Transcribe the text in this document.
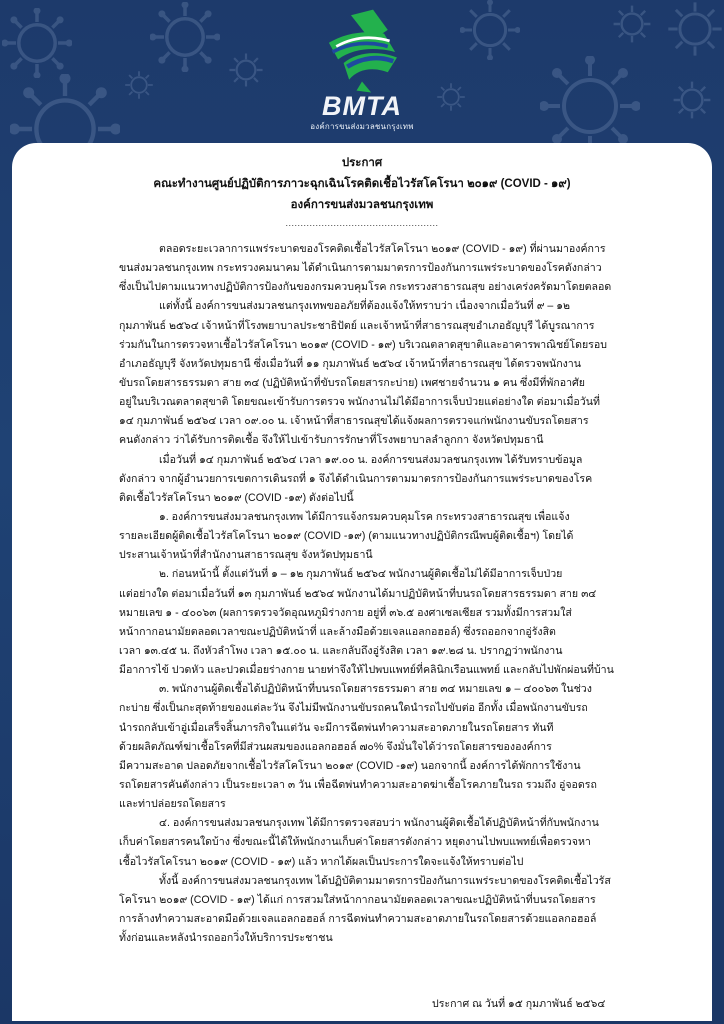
BMTA
องค์การขนส่งมวลชนกรุงเทพ
ประกาศ
คณะทำงานศูนย์ปฏิบัติการภาวะฉุกเฉินโรคติดเชื้อไวรัสโคโรนา ๒๐๑๙ (COVID - ๑๙)
องค์การขนส่งมวลชนกรุงเทพ
...................................................
ตลอดระยะเวลาการแพร่ระบาดของโรคติดเชื้อไวรัสโคโรนา ๒๐๑๙ (COVID - ๑๙) ที่ผ่านมาองค์การ
ขนส่งมวลชนกรุงเทพ กระทรวงคมนาคม ได้ดำเนินการตามมาตรการป้องกันการแพร่ระบาดของโรคดังกล่าว
ซึ่งเป็นไปตามแนวทางปฏิบัติการป้องกันของกรมควบคุมโรค กระทรวงสาธารณสุข อย่างเคร่งครัดมาโดยตลอด
แต่ทั้งนี้ องค์การขนส่งมวลชนกรุงเทพขออภัยที่ต้องแจ้งให้ทราบว่า เนื่องจากเมื่อวันที่ ๙ – ๑๒
กุมภาพันธ์ ๒๕๖๔ เจ้าหน้าที่โรงพยาบาลประชาธิปัตย์ และเจ้าหน้าที่สาธารณสุขอำเภอธัญบุรี ได้บูรณาการ
ร่วมกันในการตรวจหาเชื้อไวรัสโคโรนา ๒๐๑๙ (COVID - ๑๙) บริเวณตลาดสุขาติและอาคารพาณิชย์โดยรอบ
อำเภอธัญบุรี จังหวัดปทุมธานี ซึ่งเมื่อวันที่ ๑๑ กุมภาพันธ์ ๒๕๖๔ เจ้าหน้าที่สาธารณสุข ได้ตรวจพนักงาน
ขับรถโดยสารธรรมดา สาย ๓๔ (ปฏิบัติหน้าที่ขับรถโดยสารกะบ่าย) เพศชายจำนวน ๑ คน ซึ่งมีที่พักอาศัย
อยู่ในบริเวณตลาดสุขาติ โดยขณะเข้ารับการตรวจ พนักงานไม่ได้มีอาการเจ็บป่วยแต่อย่างใด ต่อมาเมื่อวันที่
๑๔ กุมภาพันธ์ ๒๕๖๔ เวลา ๐๙.๐๐ น. เจ้าหน้าที่สาธารณสุขได้แจ้งผลการตรวจแก่พนักงานขับรถโดยสาร
คนดังกล่าว ว่าได้รับการติดเชื้อ จึงให้ไปเข้ารับการรักษาที่โรงพยาบาลลำลูกกา จังหวัดปทุมธานี
เมื่อวันที่ ๑๔ กุมภาพันธ์ ๒๕๖๔ เวลา ๑๙.๐๐ น. องค์การขนส่งมวลชนกรุงเทพ ได้รับทราบข้อมูล
ดังกล่าว จากผู้อำนวยการเขตการเดินรถที่ ๑ จึงได้ดำเนินการตามมาตรการป้องกันการแพร่ระบาดของโรค
ติดเชื้อไวรัสโคโรนา ๒๐๑๙ (COVID -๑๙) ดังต่อไปนี้
๑. องค์การขนส่งมวลชนกรุงเทพ ได้มีการแจ้งกรมควบคุมโรค กระทรวงสาธารณสุข เพื่อแจ้ง
รายละเอียดผู้ติดเชื้อไวรัสโคโรนา ๒๐๑๙ (COVID -๑๙) (ตามแนวทางปฏิบัติกรณีพบผู้ติดเชื้อฯ) โดยได้
ประสานเจ้าหน้าที่สำนักงานสาธารณสุข จังหวัดปทุมธานี
๒. ก่อนหน้านี้ ตั้งแต่วันที่ ๑ – ๑๒ กุมภาพันธ์ ๒๕๖๔ พนักงานผู้ติดเชื้อไม่ได้มีอาการเจ็บป่วย
แต่อย่างใด ต่อมาเมื่อวันที่ ๑๓ กุมภาพันธ์ ๒๕๖๔ พนักงานได้มาปฏิบัติหน้าที่บนรถโดยสารธรรมดา สาย ๓๔
หมายเลข ๑ - ๔๐๐๖๓ (ผลการตรวจวัดอุณหภูมิร่างกาย อยู่ที่ ๓๖.๕ องศาเซลเซียส รวมทั้งมีการสวมใส่
หน้ากากอนามัยตลอดเวลาขณะปฏิบัติหน้าที่ และล้างมือด้วยเจลแอลกอฮอล์) ซึ่งรถออกจากอู่รังสิต
เวลา ๑๓.๔๕ น. ถึงหัวลำโพง เวลา ๑๕.๐๐ น. และกลับถึงอู่รังสิต เวลา ๑๙.๒๘ น. ปรากฏว่าพนักงาน
มีอาการไข้ ปวดหัว และปวดเมื่อยร่างกาย นายท่าจึงให้ไปพบแพทย์ที่คลินิกเรือนแพทย์ และกลับไปพักผ่อนที่บ้าน
๓. พนักงานผู้ติดเชื้อได้ปฏิบัติหน้าที่บนรถโดยสารธรรมดา สาย ๓๔ หมายเลข ๑ – ๔๐๐๖๓ ในช่วง
กะบ่าย ซึ่งเป็นกะสุดท้ายของแต่ละวัน จึงไม่มีพนักงานขับรถคนใดนำรถไปขับต่อ อีกทั้ง เมื่อพนักงานขับรถ
นำรถกลับเข้าอู่เมื่อเสร็จสิ้นภารกิจในแต่วัน จะมีการฉีดพ่นทำความสะอาดภายในรถโดยสาร ทันที
ด้วยผลิตภัณฑ์ฆ่าเชื้อโรคที่มีส่วนผสมของแอลกอฮอล์ ๗๐% จึงมั่นใจได้ว่ารถโดยสารขององค์การ
มีความสะอาด ปลอดภัยจากเชื้อไวรัสโคโรนา ๒๐๑๙ (COVID -๑๙) นอกจากนี้ องค์การได้พักการใช้งาน
รถโดยสารคันดังกล่าว เป็นระยะเวลา ๓ วัน เพื่อฉีดพ่นทำความสะอาดฆ่าเชื้อโรคภายในรถ รวมถึง อู่จอดรถ
และท่าปล่อยรถโดยสาร
๔. องค์การขนส่งมวลชนกรุงเทพ ได้มีการตรวจสอบว่า พนักงานผู้ติดเชื้อได้ปฏิบัติหน้าที่กับพนักงาน
เก็บค่าโดยสารคนใดบ้าง ซึ่งขณะนี้ได้ให้พนักงานเก็บค่าโดยสารดังกล่าว หยุดงานไปพบแพทย์เพื่อตรวจหา
เชื้อไวรัสโคโรนา ๒๐๑๙ (COVID - ๑๙) แล้ว หากได้ผลเป็นประการใดจะแจ้งให้ทราบต่อไป
ทั้งนี้ องค์การขนส่งมวลชนกรุงเทพ ได้ปฏิบัติตามมาตรการป้องกันการแพร่ระบาดของโรคติดเชื้อไวรัส
โคโรนา ๒๐๑๙ (COVID - ๑๙) ได้แก่ การสวมใส่หน้ากากอนามัยตลอดเวลาขณะปฏิบัติหน้าที่บนรถโดยสาร
การล้างทำความสะอาดมือด้วยเจลแอลกอฮอล์ การฉีดพ่นทำความสะอาดภายในรถโดยสารด้วยแอลกอฮอล์
ทั้งก่อนและหลังนำรถออกวิ่งให้บริการประชาชน
ประกาศ ณ วันที่ ๑๕ กุมภาพันธ์ ๒๕๖๔
